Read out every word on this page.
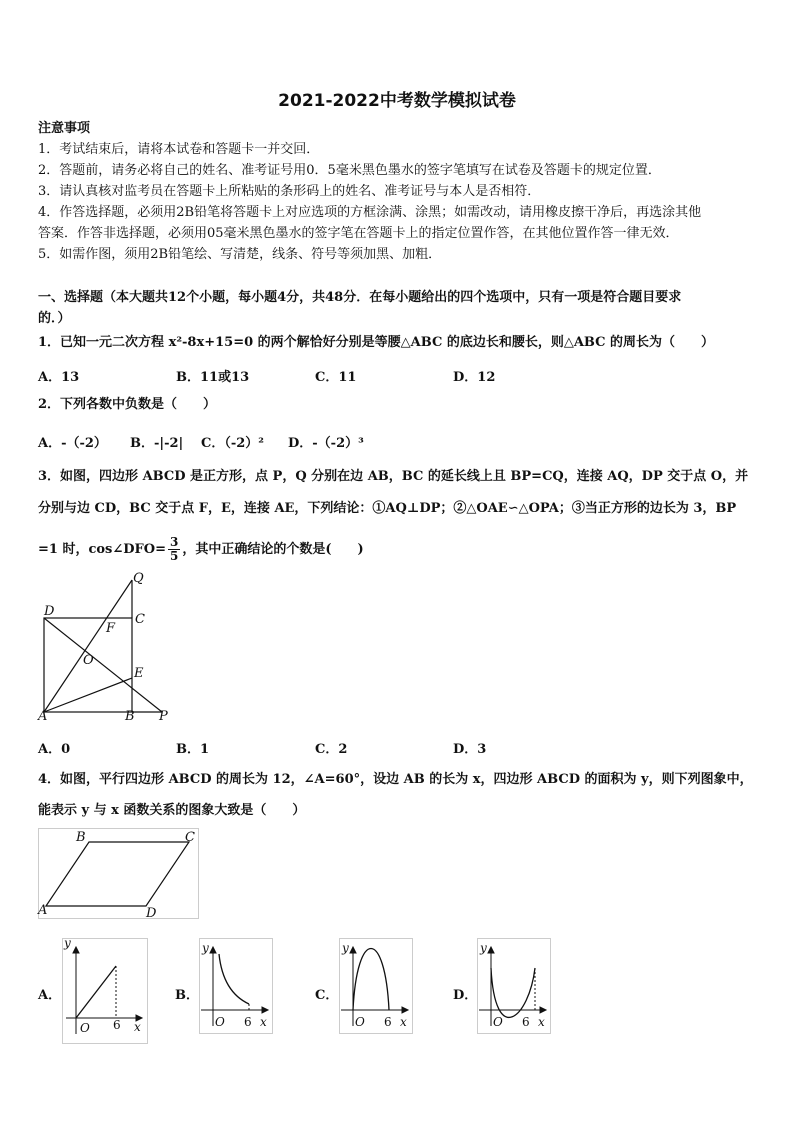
2021-2022中考数学模拟试卷
注意事项
1．考试结束后，请将本试卷和答题卡一并交回．
2．答题前，请务必将自己的姓名、准考证号用0．5毫米黑色墨水的签字笔填写在试卷及答题卡的规定位置．
3．请认真核对监考员在答题卡上所粘贴的条形码上的姓名、准考证号与本人是否相符．
4．作答选择题，必须用2B铅笔将答题卡上对应选项的方框涂满、涂黑；如需改动，请用橡皮擦干净后，再选涂其他
答案．作答非选择题，必须用05毫米黑色墨水的签字笔在答题卡上的指定位置作答，在其他位置作答一律无效．
5．如需作图，须用2B铅笔绘、写清楚，线条、符号等须加黑、加粗．
一、选择题（本大题共12个小题，每小题4分，共48分．在每小题给出的四个选项中，只有一项是符合题目要求
的．）
1．已知一元二次方程 x²-8x+15=0 的两个解恰好分别是等腰△ABC 的底边长和腰长，则△ABC 的周长为（　　）
A．13	B．11或13	C．11	D．12
2．下列各数中负数是（　　）
A．-（-2） B．-|-2| C．（-2）² D．-（-2）³
3．如图，四边形 ABCD 是正方形，点 P，Q 分别在边 AB，BC 的延长线上且 BP=CQ，连接 AQ，DP 交于点 O，并
分别与边 CD，BC 交于点 F，E，连接 AE，下列结论：①AQ⊥DP；②△OAE∽△OPA；③当正方形的边长为 3，BP
=1 时，cos∠DFO= $\frac{3}{5}$ ，其中正确结论的个数是(　　)
D
Q
C
F
O
E
A	B P
A．0	B．1	C．2	D．3
4．如图，平行四边形 ABCD 的周长为 12，∠A=60°，设边 AB 的长为 x，四边形 ABCD 的面积为 y，则下列图象中，
能表示 y 与 x 函数关系的图象大致是（　　）
B	C
A	D
A．
y
O 6 x
B．
y
O 6 x
C．
y
O 6 x
D．
y
O 6 x
